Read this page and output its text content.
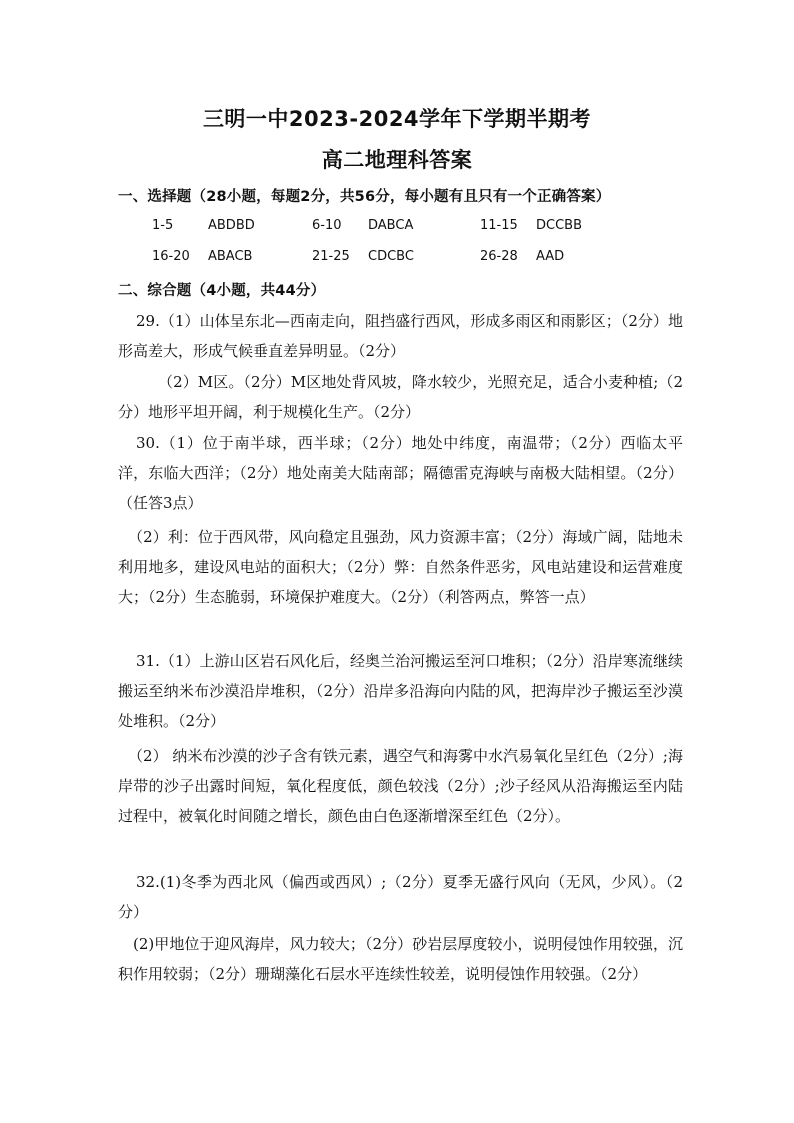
三明一中2023-2024学年下学期半期考
高二地理科答案
一、选择题（28小题，每题2分，共56分，每小题有且只有一个正确答案）
1-5	ABDBD	6-10 DABCA	11-15 DCCBB
16-20 ABACB	21-25 CDCBC	26-28 AAD
二、综合题（4小题，共44分）
29.（1）山体呈东北—西南走向，阻挡盛行西风，形成多雨区和雨影区；（2分）地形高差大，形成气候垂直差异明显。（2分）
（2）M区。（2分）M区地处背风坡，降水较少，光照充足，适合小麦种植;（2分）地形平坦开阔，利于规模化生产。（2分）
30.（1）位于南半球，西半球；（2分）地处中纬度，南温带；（2分）西临太平洋，东临大西洋；（2分）地处南美大陆南部；隔德雷克海峡与南极大陆相望。（2分）（任答3点）
（2）利：位于西风带，风向稳定且强劲，风力资源丰富；（2分）海域广阔，陆地未利用地多，建设风电站的面积大；（2分）弊：自然条件恶劣，风电站建设和运营难度大；（2分）生态脆弱，环境保护难度大。（2分）（利答两点，弊答一点）
31.（1）上游山区岩石风化后，经奥兰治河搬运至河口堆积；（2分）沿岸寒流继续搬运至纳米布沙漠沿岸堆积，（2分）沿岸多沿海向内陆的风，把海岸沙子搬运至沙漠处堆积。（2分）
（2） 纳米布沙漠的沙子含有铁元素，遇空气和海雾中水汽易氧化呈红色（2分）;海岸带的沙子出露时间短，氧化程度低，颜色较浅（2分）;沙子经风从沿海搬运至内陆过程中，被氧化时间随之增长，颜色由白色逐渐增深至红色（2分）。
32.(1)冬季为西北风（偏西或西风）;（2分）夏季无盛行风向（无风，少风）。（2分）
(2)甲地位于迎风海岸，风力较大；（2分）砂岩层厚度较小，说明侵蚀作用较强，沉积作用较弱；（2分）珊瑚藻化石层水平连续性较差，说明侵蚀作用较强。（2分）
